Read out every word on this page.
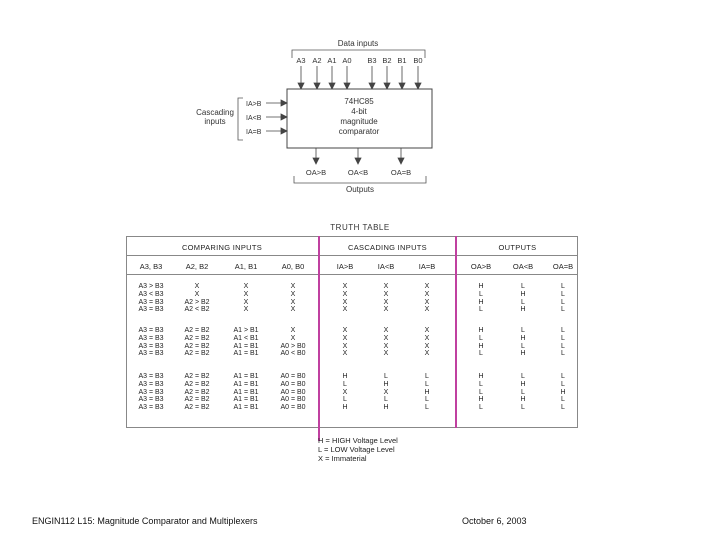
Data inputs
A3 A2 A1 A0 B3 B2 B1 B0
74HC85
4-bit
magnitude
comparator
Cascading
inputs
IA>B
IA<B
IA=B
OA>B	OA<B	OA=B
Outputs
TRUTH TABLE
COMPARING INPUTS	CASCADING INPUTS	OUTPUTS
A3, B3	A2, B2	A1, B1	A0, B0	IA>B	IA<B	IA=B	OA>B	OA<B	OA=B
A3 > B3	X	X	X	X	X	X	H	L	L
A3 < B3	X	X	X	X	X	X	L	H	L
A3 = B3	A2 > B2	X	X	X	X	X	H	L	L
A3 = B3	A2 < B2	X	X	X	X	X	L	H	L
A3 = B3	A2 = B2	A1 > B1	X	X	X	X	H	L	L
A3 = B3	A2 = B2	A1 < B1	X	X	X	X	L	H	L
A3 = B3	A2 = B2	A1 = B1	A0 > B0	X	X	X	H	L	L
A3 = B3	A2 = B2	A1 = B1	A0 < B0	X	X	X	L	H	L
A3 = B3	A2 = B2	A1 = B1	A0 = B0	H	L	L	H	L	L
A3 = B3	A2 = B2	A1 = B1	A0 = B0	L	H	L	L	H	L
A3 = B3	A2 = B2	A1 = B1	A0 = B0	X	X	H	L	L	H
A3 = B3	A2 = B2	A1 = B1	A0 = B0	L	L	L	H	H	L
A3 = B3	A2 = B2	A1 = B1	A0 = B0	H	H	L	L	L	L
H = HIGH Voltage Level
L = LOW Voltage Level
X = Immaterial
ENGIN112 L15: Magnitude Comparator and Multiplexers	October 6, 2003
